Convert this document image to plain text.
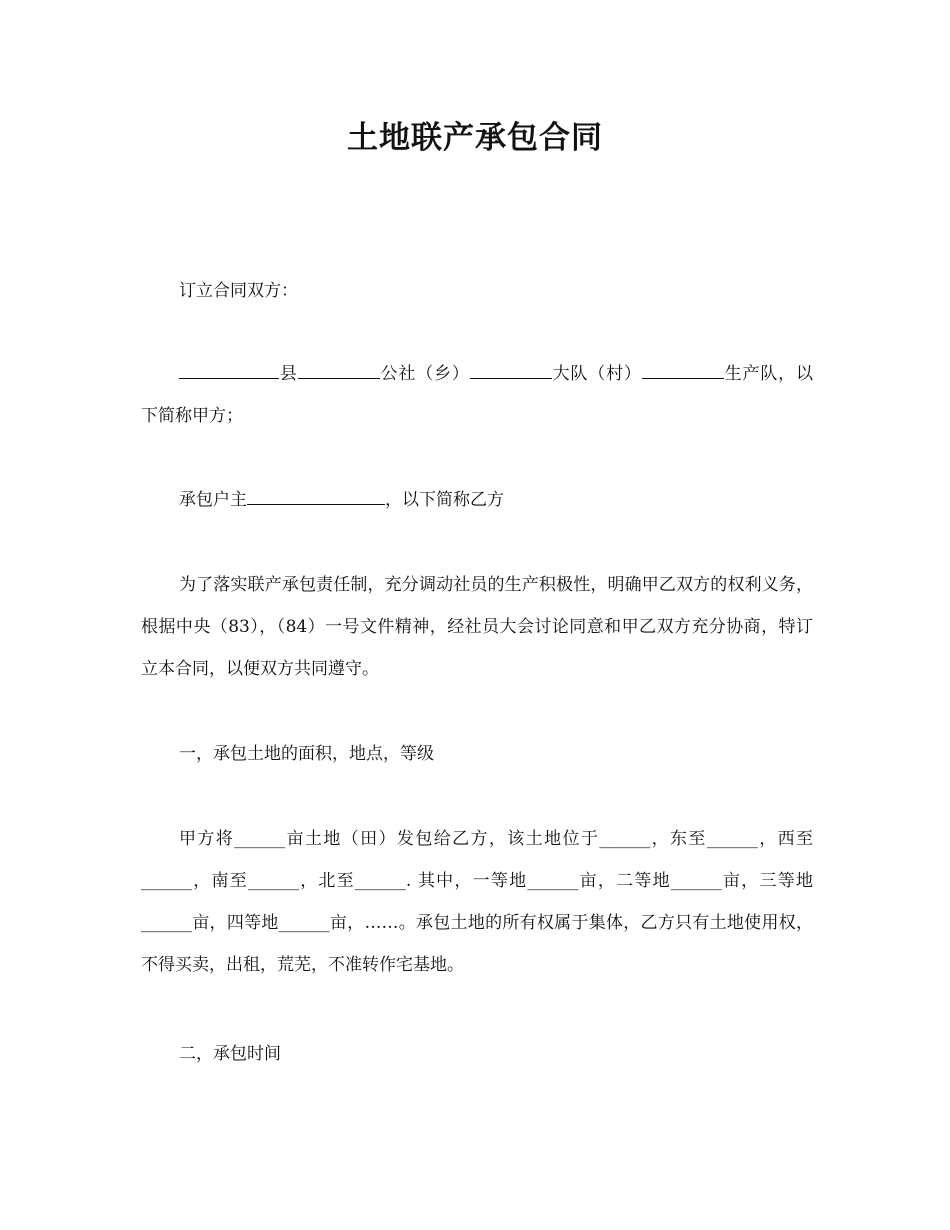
土地联产承包合同

订立合同双方：

县	公社（乡）	大队（村）	生产队，以下简称甲方；

承包户主	，以下简称乙方

为了落实联产承包责任制，充分调动社员的生产积极性，明确甲乙双方的权利义务，根据中央（83），（84）一号文件精神，经社员大会讨论同意和甲乙双方充分协商，特订立本合同，以便双方共同遵守。

一，承包土地的面积，地点，等级

甲方将______亩土地（田）发包给乙方，该土地位于______，东至______，西至______，南至______，北至______. 其中，一等地______亩，二等地______亩，三等地______亩，四等地______亩，……。承包土地的所有权属于集体，乙方只有土地使用权，不得买卖，出租，荒芜，不准转作宅基地。

二，承包时间
